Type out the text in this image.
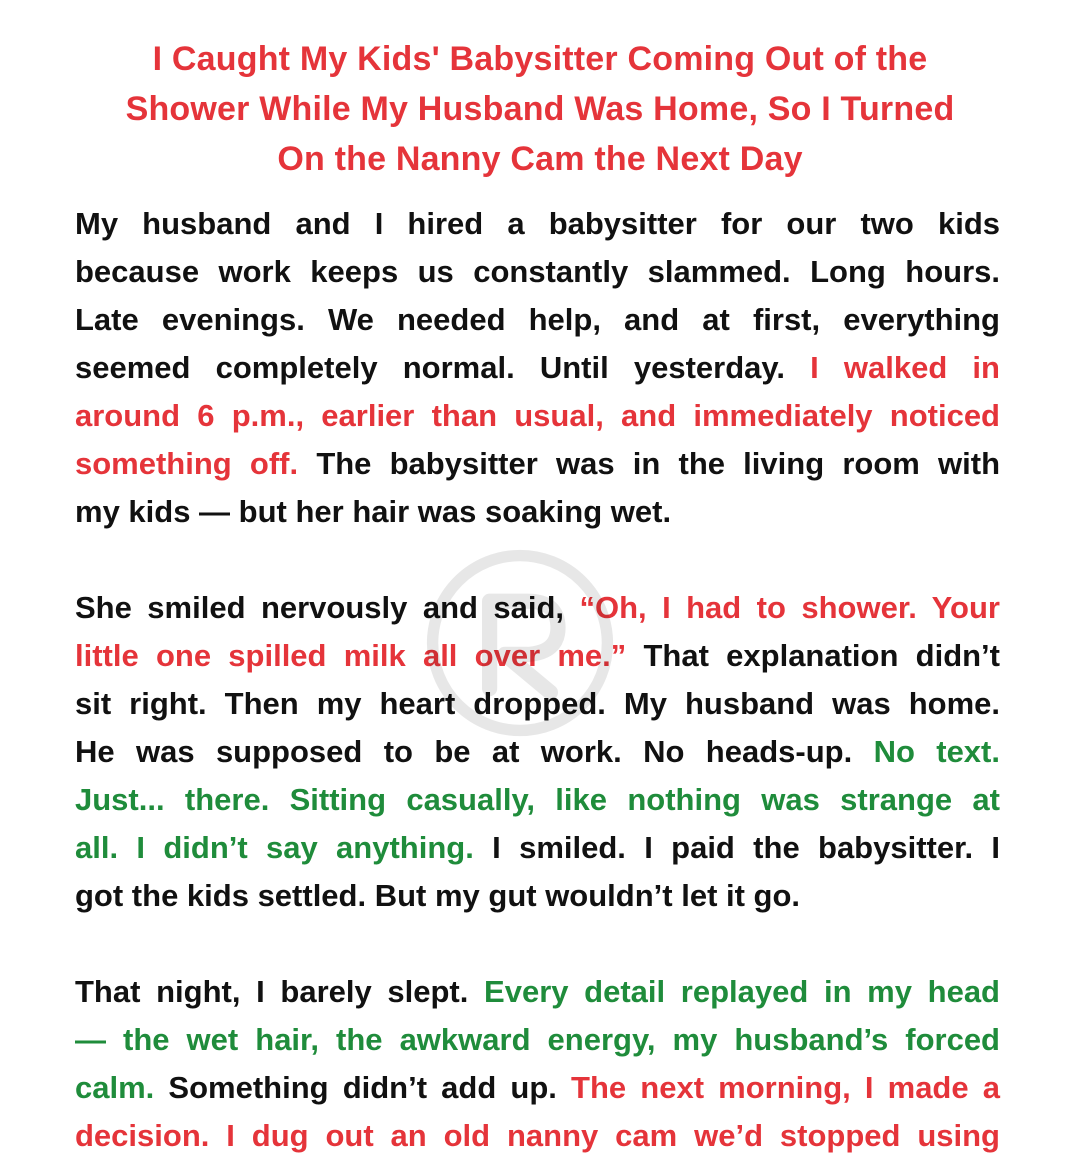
I Caught My Kids' Babysitter Coming Out of the
Shower While My Husband Was Home, So I Turned
On the Nanny Cam the Next Day
My husband and I hired a babysitter for our two kids
because work keeps us constantly slammed. Long hours.
Late evenings. We needed help, and at first, everything
seemed completely normal. Until yesterday. I walked in
around 6 p.m., earlier than usual, and immediately noticed
something off. The babysitter was in the living room with
my kids — but her hair was soaking wet.
She smiled nervously and said, “Oh, I had to shower. Your
little one spilled milk all over me.” That explanation didn’t
sit right. Then my heart dropped. My husband was home.
He was supposed to be at work. No heads-up. No text.
Just... there. Sitting casually, like nothing was strange at
all. I didn’t say anything. I smiled. I paid the babysitter. I
got the kids settled. But my gut wouldn’t let it go.
That night, I barely slept. Every detail replayed in my head
— the wet hair, the awkward energy, my husband’s forced
calm. Something didn’t add up. The next morning, I made a
decision. I dug out an old nanny cam we’d stopped using
